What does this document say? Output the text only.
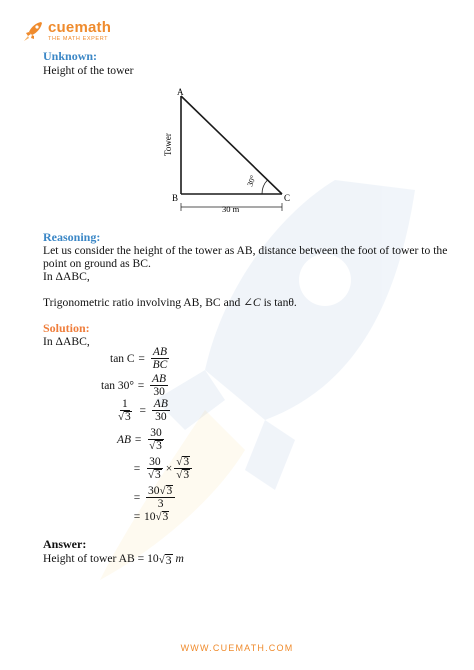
cuemath
THE MATH EXPERT
Unknown:
Height of the tower
A
B	C
Tower
30 m
30°
Reasoning:
Let us consider the height of the tower as AB, distance between the foot of tower to the
point on ground as BC.
In ΔABC,
Trigonometric ratio involving AB, BC and ∠C is tanθ.
Solution:
In ΔABC,
$\tan C = \frac{AB}{BC}$
$\tan 30^\circ = \frac{AB}{30}$
$\frac{1}{√ 3} = \frac{AB}{30}$
AB = $\frac{30}{√ 3}$
= $\frac{30}{√ 3} \times \frac{√ 3}{√ 3}$
= $\frac{30 √ 3}{3}$
= 10 √ 3
Answer:
Height of tower AB = 10 √ 3
m
WWW.CUEMATH.COM
